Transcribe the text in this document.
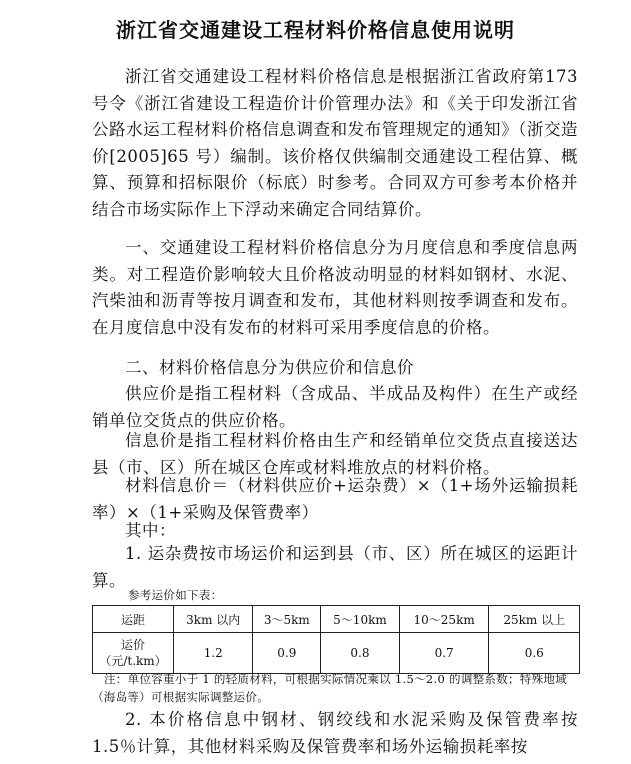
浙江省交通建设工程材料价格信息使用说明

浙江省交通建设工程材料价格信息是根据浙江省政府第173 号令《浙江省建设工程造价计价管理办法》和《关于印发浙江省公路水运工程材料价格信息调查和发布管理规定的通知》（浙交造价[2005]65 号）编制。该价格仅供编制交通建设工程估算、概算、预算和招标限价（标底）时参考。合同双方可参考本价格并结合市场实际作上下浮动来确定合同结算价。

一、交通建设工程材料价格信息分为月度信息和季度信息两类。对工程造价影响较大且价格波动明显的材料如钢材、水泥、汽柴油和沥青等按月调查和发布，其他材料则按季调查和发布。在月度信息中没有发布的材料可采用季度信息的价格。

二、材料价格信息分为供应价和信息价

供应价是指工程材料（含成品、半成品及构件）在生产或经销单位交货点的供应价格。

信息价是指工程材料价格由生产和经销单位交货点直接送达县（市、区）所在城区仓库或材料堆放点的材料价格。

材料信息价＝（材料供应价+运杂费）×（1+场外运输损耗率）×（1+采购及保管费率）

其中：

1. 运杂费按市场运价和运到县（市、区）所在城区的运距计算。

参考运价如下表：
运距	3km 以内	3～5km	5～10km	10～25km	25km 以上
运价（元/t.km）	1.2	0.9	0.8	0.7	0.6
注：单位容重小于 1 的轻质材料，可根据实际情况乘以 1.5～2.0 的调整系数；特殊地域（海岛等）可根据实际调整运价。

2. 本价格信息中钢材、钢绞线和水泥采购及保管费率按1.5％计算，其他材料采购及保管费率和场外运输损耗率按
